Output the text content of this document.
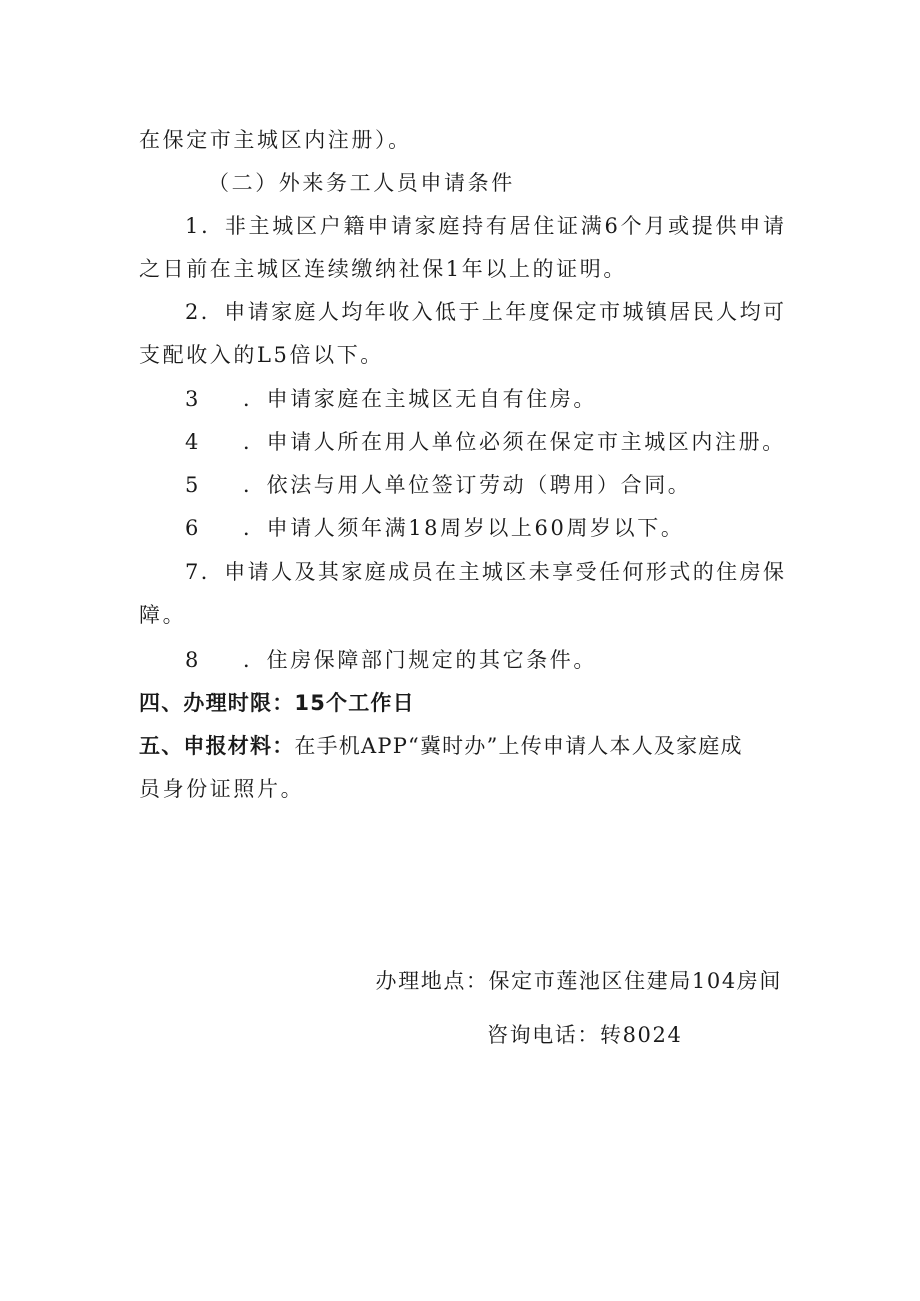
在保定市主城区内注册）。
（二）外来务工人员申请条件
1．非主城区户籍申请家庭持有居住证满6个月或提供申请
之日前在主城区连续缴纳社保1年以上的证明。
2．申请家庭人均年收入低于上年度保定市城镇居民人均可
支配收入的L5倍以下。
3 ．申请家庭在主城区无自有住房。
4 ．申请人所在用人单位必须在保定市主城区内注册。
5 ．依法与用人单位签订劳动（聘用）合同。
6 ．申请人须年满18周岁以上60周岁以下。
7．申请人及其家庭成员在主城区未享受任何形式的住房保
障。
8 ．住房保障部门规定的其它条件。
四、办理时限：15个工作日
五、申报材料：在手机APP“冀时办”上传申请人本人及家庭成
员身份证照片。
办理地点：保定市莲池区住建局104房间
咨询电话：转8024
